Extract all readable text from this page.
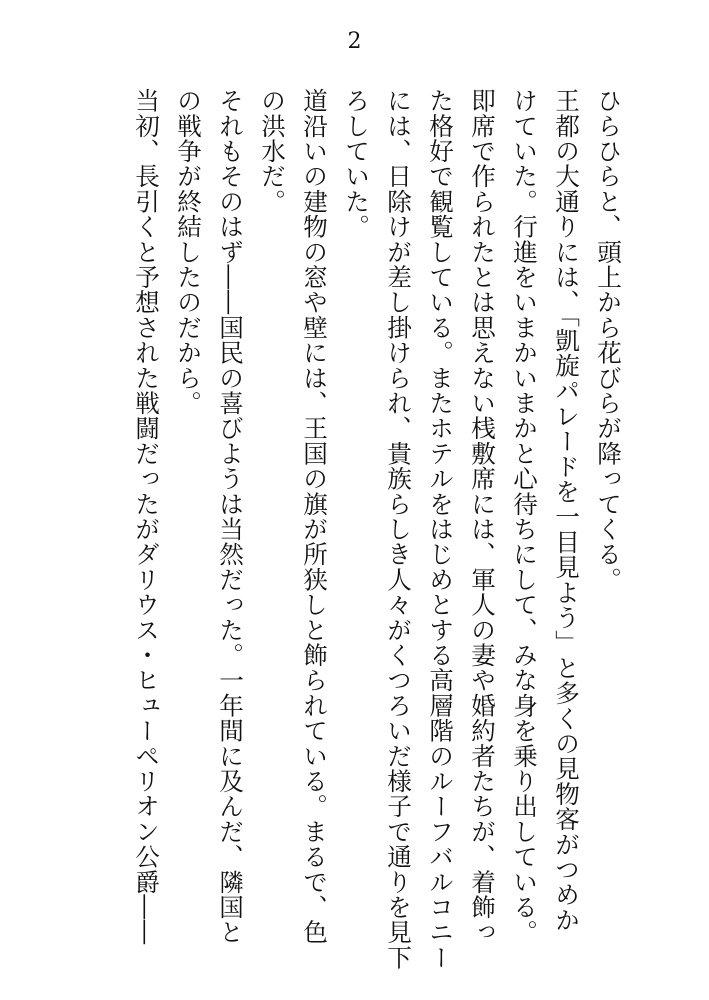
2
ひらひらと、頭上から花びらが降ってくる。
王都の大通りには、「凱旋パレードを一目見よう」と多くの見物客がつめか
けていた。行進をいまかいまかと心待ちにして、みな身を乗り出している。
即席で作られたとは思えない桟敷席には、軍人の妻や婚約者たちが、着飾っ
た格好で観覧している。またホテルをはじめとする高層階のルーフバルコニー
には、日除けが差し掛けられ、貴族らしき人々がくつろいだ様子で通りを見下
ろしていた。
道沿いの建物の窓や壁には、王国の旗が所狭しと飾られている。まるで、色
の洪水だ。
それもそのはず――国民の喜びようは当然だった。一年間に及んだ、隣国と
の戦争が終結したのだから。
当初、長引くと予想された戦闘だったがダリウス・ヒューペリオン公爵――
